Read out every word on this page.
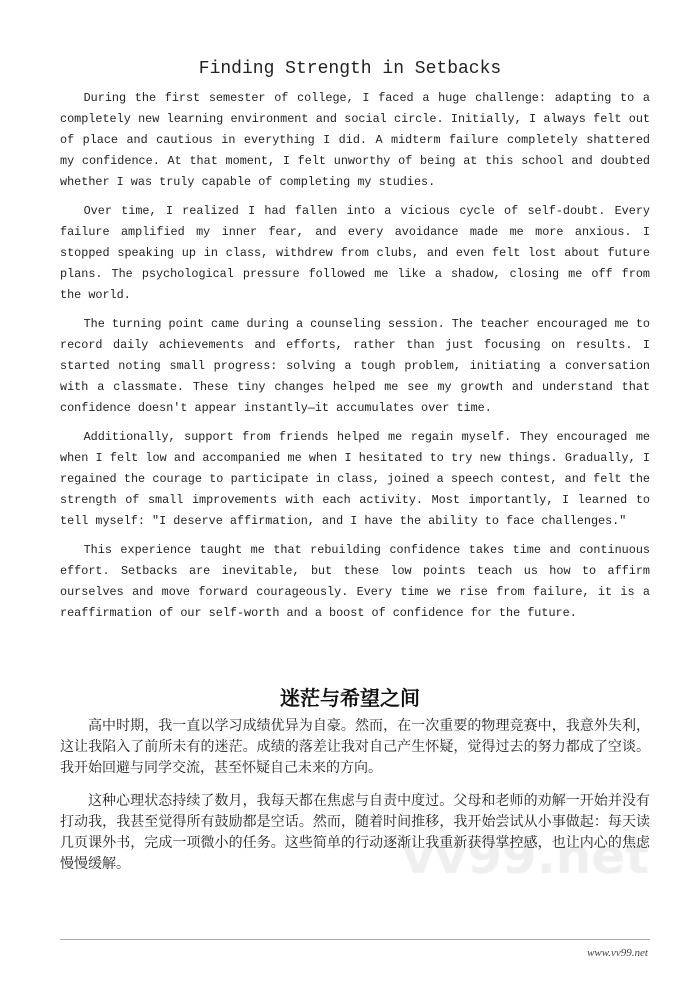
Finding Strength in Setbacks

During the first semester of college, I faced a huge challenge: adapting to a completely new learning environment and social circle. Initially, I always felt out of place and cautious in everything I did. A midterm failure completely shattered my confidence. At that moment, I felt unworthy of being at this school and doubted whether I was truly capable of completing my studies.

Over time, I realized I had fallen into a vicious cycle of self-doubt. Every failure amplified my inner fear, and every avoidance made me more anxious. I stopped speaking up in class, withdrew from clubs, and even felt lost about future plans. The psychological pressure followed me like a shadow, closing me off from the world.

The turning point came during a counseling session. The teacher encouraged me to record daily achievements and efforts, rather than just focusing on results. I started noting small progress: solving a tough problem, initiating a conversation with a classmate. These tiny changes helped me see my growth and understand that confidence doesn't appear instantly—it accumulates over time.

Additionally, support from friends helped me regain myself. They encouraged me when I felt low and accompanied me when I hesitated to try new things. Gradually, I regained the courage to participate in class, joined a speech contest, and felt the strength of small improvements with each activity. Most importantly, I learned to tell myself: "I deserve affirmation, and I have the ability to face challenges."

This experience taught me that rebuilding confidence takes time and continuous effort. Setbacks are inevitable, but these low points teach us how to affirm ourselves and move forward courageously. Every time we rise from failure, it is a reaffirmation of our self-worth and a boost of confidence for the future.

迷茫与希望之间

高中时期，我一直以学习成绩优异为自豪。然而，在一次重要的物理竞赛中，我意外失利，这让我陷入了前所未有的迷茫。成绩的落差让我对自己产生怀疑，觉得过去的努力都成了空谈。我开始回避与同学交流，甚至怀疑自己未来的方向。

这种心理状态持续了数月，我每天都在焦虑与自责中度过。父母和老师的劝解一开始并没有打动我，我甚至觉得所有鼓励都是空话。然而，随着时间推移，我开始尝试从小事做起：每天读几页课外书，完成一项微小的任务。这些简单的行动逐渐让我重新获得掌控感，也让内心的焦虑慢慢缓解。

www.vv99.net
